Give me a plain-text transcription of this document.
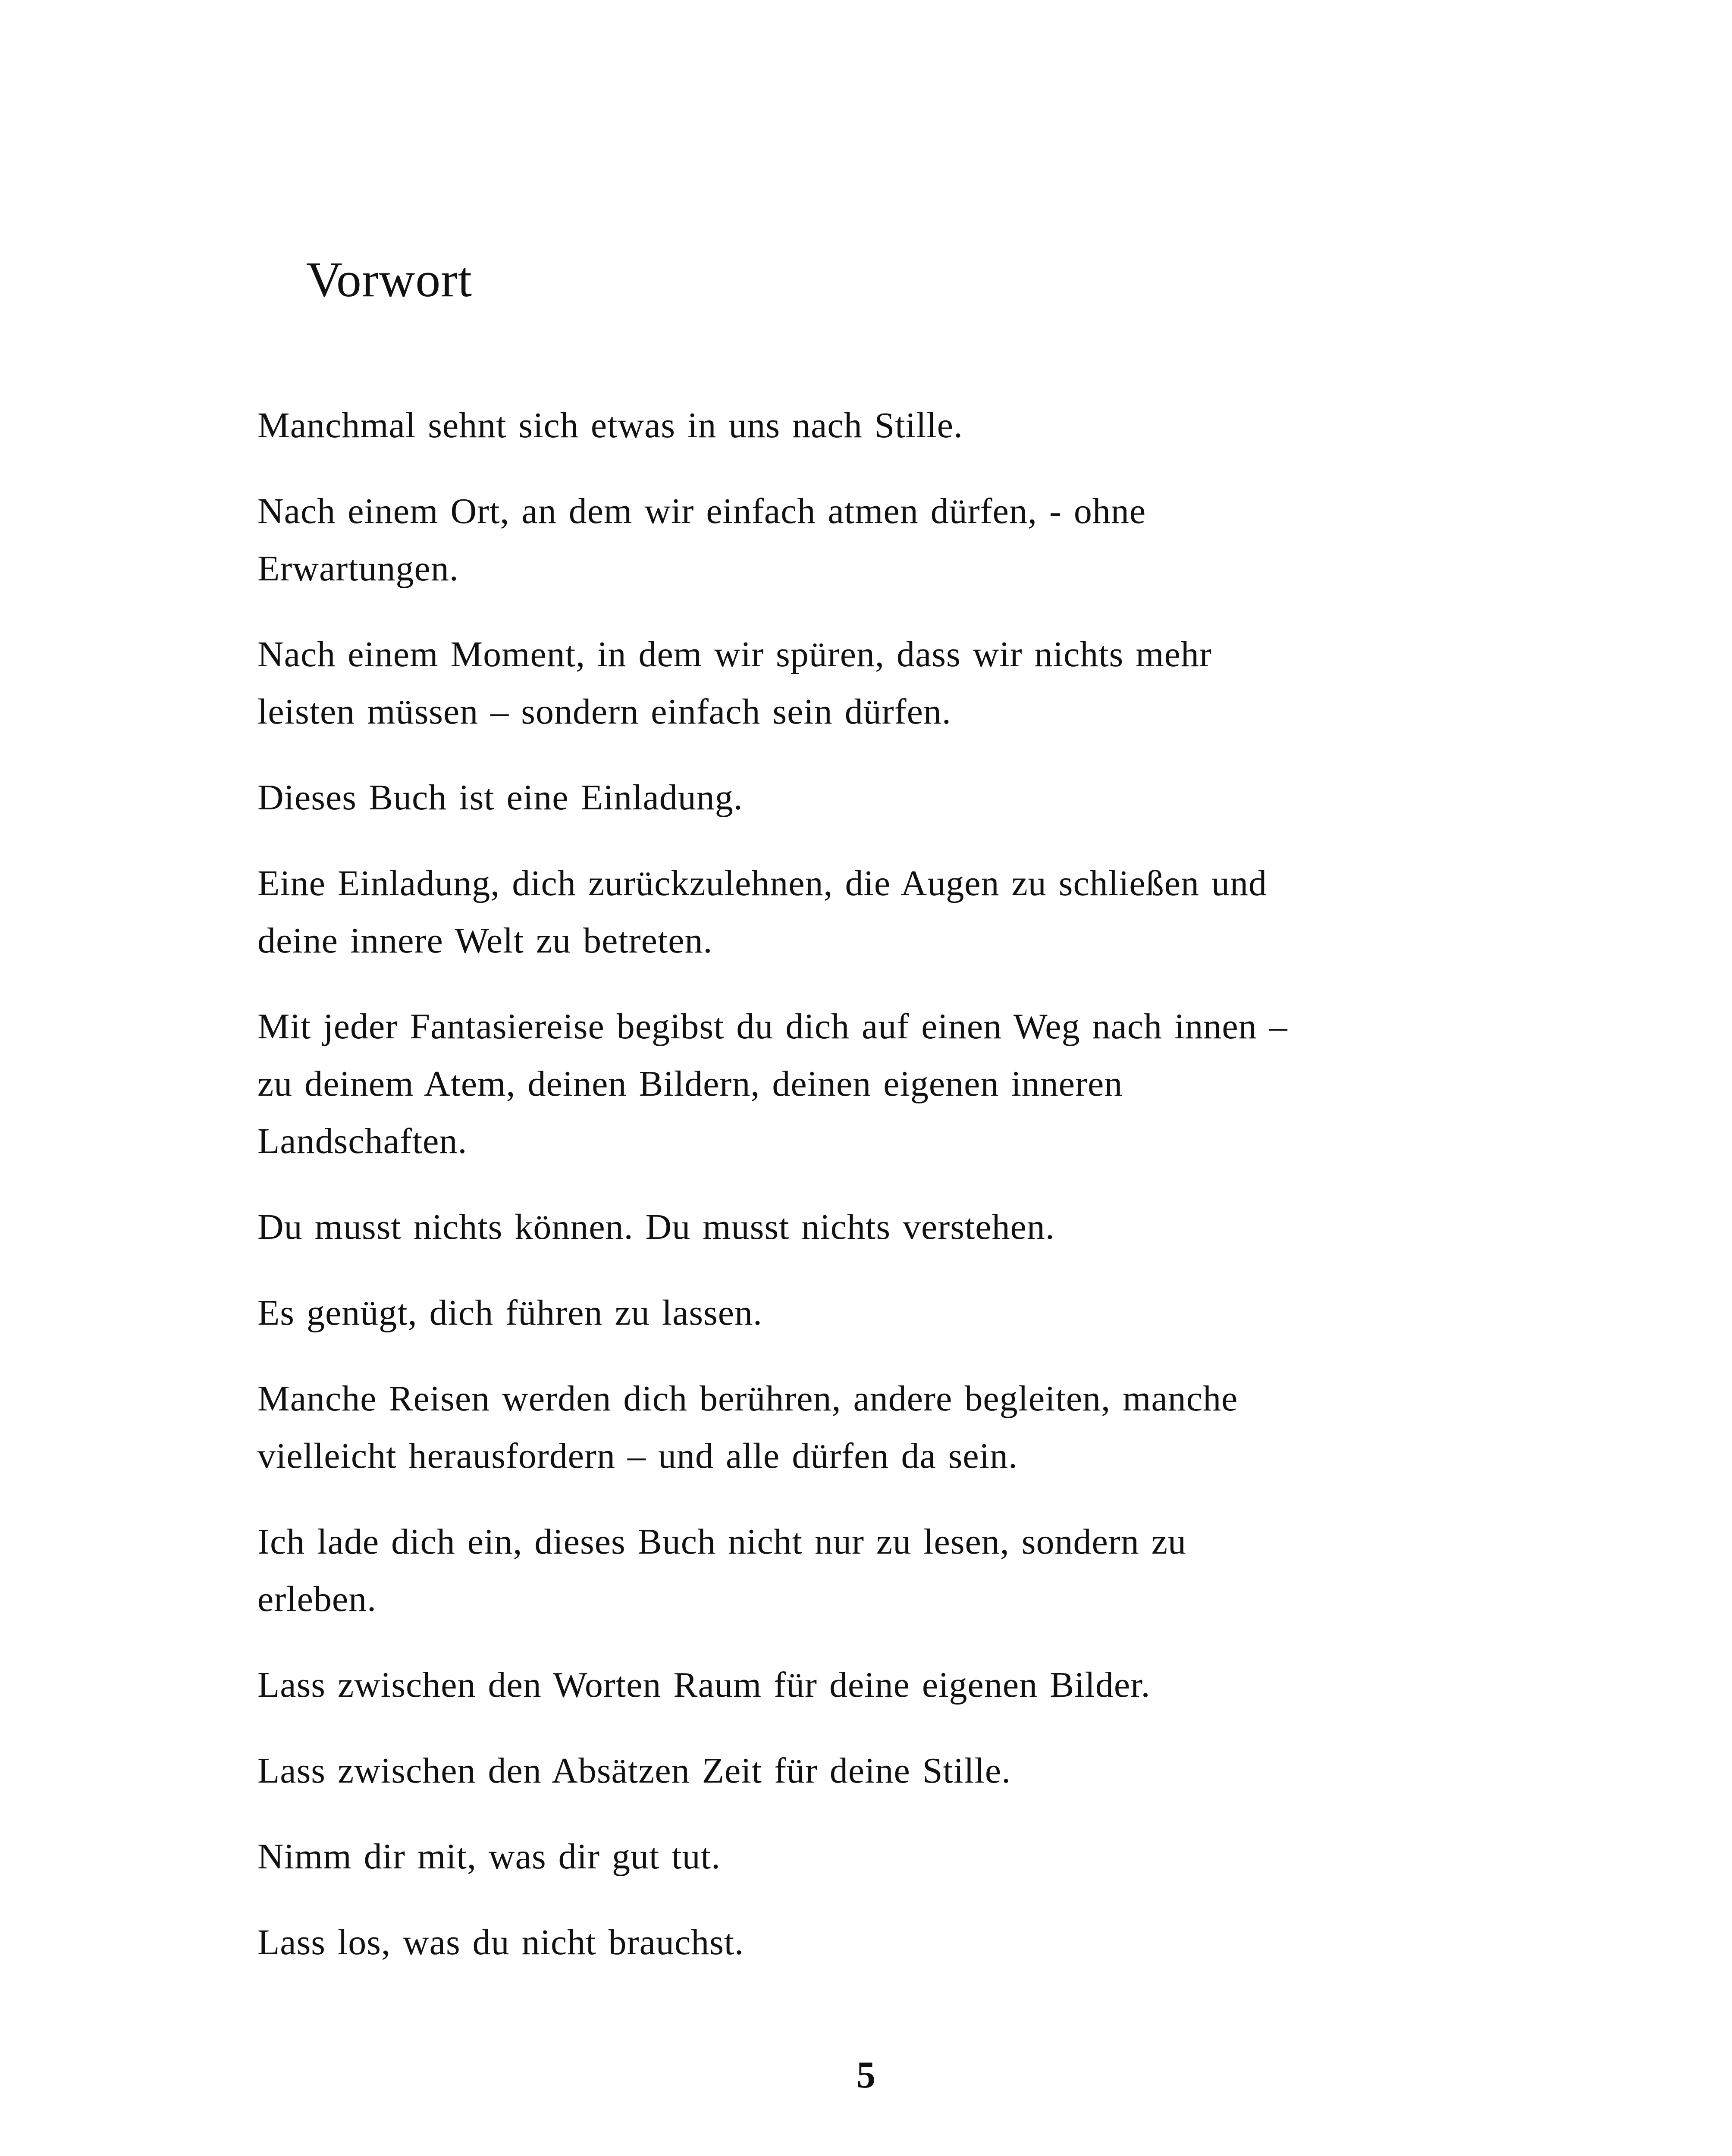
Vorwort

Manchmal sehnt sich etwas in uns nach Stille.

Nach einem Ort, an dem wir einfach atmen dürfen, - ohne
Erwartungen.

Nach einem Moment, in dem wir spüren, dass wir nichts mehr
leisten müssen – sondern einfach sein dürfen.

Dieses Buch ist eine Einladung.

Eine Einladung, dich zurückzulehnen, die Augen zu schließen und
deine innere Welt zu betreten.

Mit jeder Fantasiereise begibst du dich auf einen Weg nach innen –
zu deinem Atem, deinen Bildern, deinen eigenen inneren
Landschaften.

Du musst nichts können. Du musst nichts verstehen.

Es genügt, dich führen zu lassen.

Manche Reisen werden dich berühren, andere begleiten, manche
vielleicht herausfordern – und alle dürfen da sein.

Ich lade dich ein, dieses Buch nicht nur zu lesen, sondern zu
erleben.

Lass zwischen den Worten Raum für deine eigenen Bilder.

Lass zwischen den Absätzen Zeit für deine Stille.

Nimm dir mit, was dir gut tut.

Lass los, was du nicht brauchst.

5
